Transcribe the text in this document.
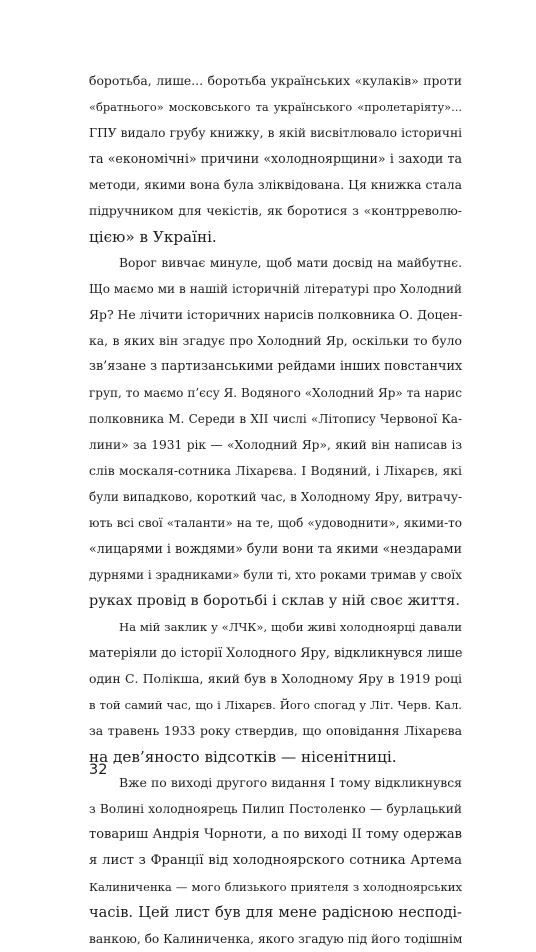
боротьба, лише... боротьба українських «кулаків» проти

«братнього» московського та українського «пролетаріяту»...

ГПУ видало грубу книжку, в якій висвітлювало історичні

та «економічні» причини «холодноярщини» і заходи та

методи, якими вона була зліквідована. Ця книжка стала

підручником для чекістів, як боротися з «контрреволю-

цією» в Україні.

Ворог вивчає минуле, щоб мати досвід на майбутнє.

Що маємо ми в нашій історичній літературі про Холодний

Яр? Не лічити історичних нарисів полковника О. Доцен-

ка, в яких він згадує про Холодний Яр, оскільки то було

зв’язане з партизанськими рейдами інших повстанчих

груп, то маємо п’єсу Я. Водяного «Холодний Яр» та нарис

полковника М. Середи в XII числі «Літопису Червоної Ка-

лини» за 1931 рік — «Холодний Яр», який він написав із

слів москаля-сотника Ліхарєва. І Водяний, і Ліхарєв, які

були випадково, короткий час, в Холодному Яру, витрачу-

ють всі свої «таланти» на те, щоб «удоводнити», якими-то

«лицарями і вождями» були вони та якими «нездарами

дурнями і зрадниками» були ті, хто роками тримав у своїх

руках провід в боротьбі і склав у ній своє життя.

На мій заклик у «ЛЧК», щоби живі холодноярці давали

матеріяли до історії Холодного Яру, відкликнувся лише

один С. Полікша, який був в Холодному Яру в 1919 році

в той самий час, що і Ліхарєв. Його спогад у Літ. Черв. Кал.

за травень 1933 року ствердив, що оповідання Ліхарєва

на дев’яносто відсотків — нісенітниці.

Вже по виході другого видання І тому відкликнувся

з Волині холодноярець Пилип Постоленко — бурлацький

товариш Андрія Чорноти, а по виході II тому одержав

я лист з Франції від холодноярского сотника Артема

Калиниченка — мого близького приятеля з холодноярських

часів. Цей лист був для мене радісною несподі-

ванкою, бо Калиниченка, якого згадую під його тодішнім

32
